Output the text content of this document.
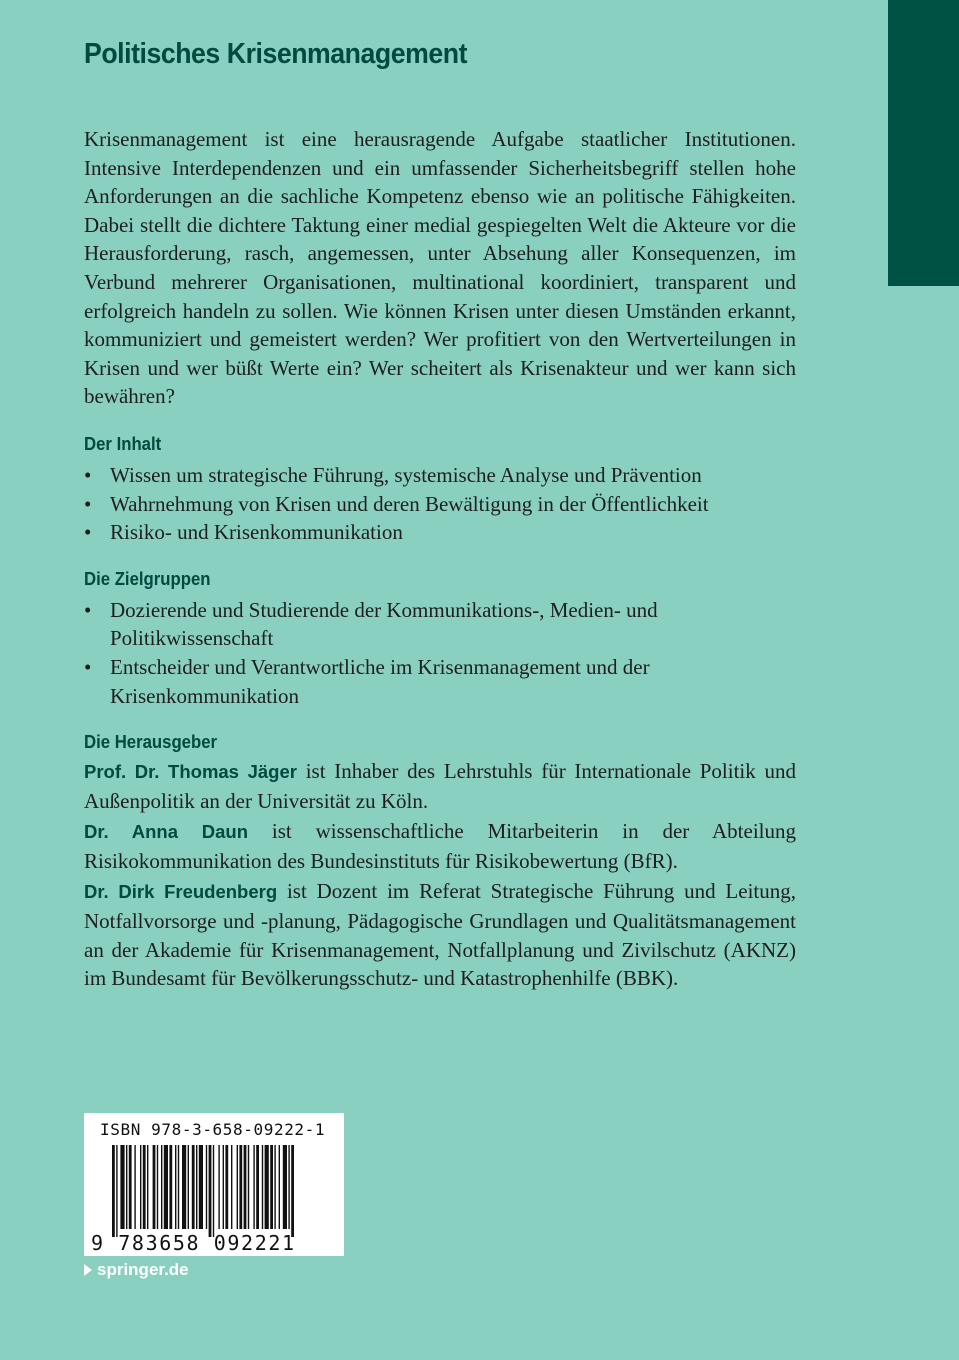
Politisches Krisenmanagement

Krisenmanagement ist eine herausragende Aufgabe staatlicher Institutionen. Intensive Interdependenzen und ein umfassender Sicherheitsbegriff stellen hohe Anforderungen an die sachliche Kompetenz ebenso wie an politische Fähigkeiten. Dabei stellt die dichtere Taktung einer medial gespiegelten Welt die Akteure vor die Herausforderung, rasch, angemessen, unter Absehung aller Konsequenzen, im Verbund mehrerer Organisationen, multinational koordiniert, transparent und erfolgreich handeln zu sollen. Wie können Krisen unter diesen Umständen erkannt, kommuniziert und gemeistert werden? Wer profitiert von den Wertverteilungen in Krisen und wer büßt Werte ein? Wer scheitert als Krisenakteur und wer kann sich bewähren?

Der Inhalt
• Wissen um strategische Führung, systemische Analyse und Prävention
• Wahrnehmung von Krisen und deren Bewältigung in der Öffentlichkeit
• Risiko- und Krisenkommunikation
Die Zielgruppen
• Dozierende und Studierende der Kommunikations-, Medien- und Politikwissenschaft
• Entscheider und Verantwortliche im Krisenmanagement und der Krisenkommunikation
Die Herausgeber

Prof. Dr. Thomas Jäger ist Inhaber des Lehrstuhls für Internationale Politik und Außenpolitik an der Universität zu Köln.

Dr. Anna Daun ist wissenschaftliche Mitarbeiterin in der Abteilung Risikokommunikation des Bundesinstituts für Risikobewertung (BfR).

Dr. Dirk Freudenberg ist Dozent im Referat Strategische Führung und Leitung, Notfallvorsorge und -planung, Pädagogische Grundlagen und Qualitätsmanagement an der Akademie für Krisenmanagement, Notfallplanung und Zivilschutz (AKNZ) im Bundesamt für Bevölkerungsschutz- und Katastrophenhilfe (BBK).

ISBN 978-3-658-09222-1
9 783658 092221
springer.de
